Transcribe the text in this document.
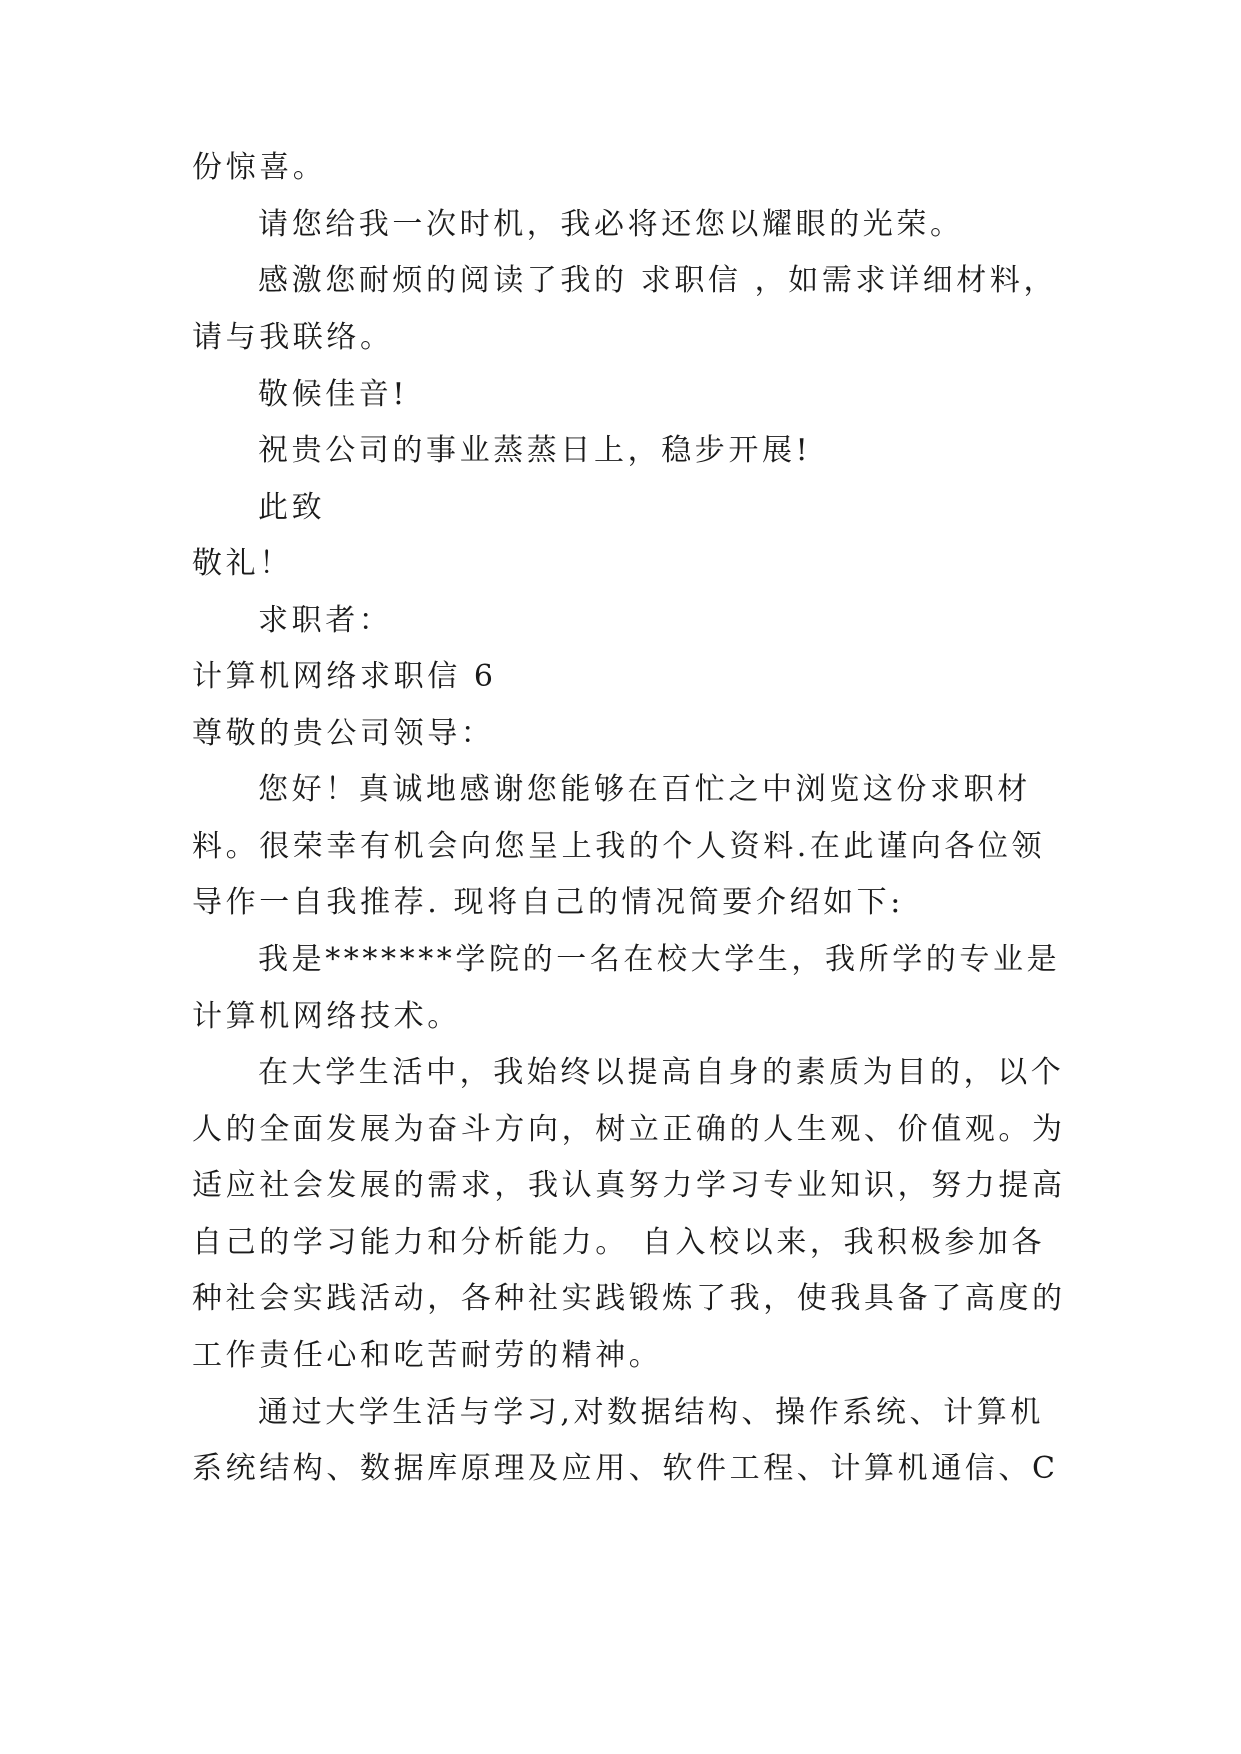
份惊喜。
请您给我一次时机，我必将还您以耀眼的光荣。
感激您耐烦的阅读了我的 求职信 ，如需求详细材料，
请与我联络。
敬候佳音!
祝贵公司的事业蒸蒸日上，稳步开展!
此致
敬礼！
求职者：
计算机网络求职信 6
尊敬的贵公司领导：
您好！真诚地感谢您能够在百忙之中浏览这份求职材
料。很荣幸有机会向您呈上我的个人资料.在此谨向各位领
导作一自我推荐. 现将自己的情况简要介绍如下:
我是*******学院的一名在校大学生，我所学的专业是
计算机网络技术。
在大学生活中，我始终以提高自身的素质为目的，以个
人的全面发展为奋斗方向，树立正确的人生观、价值观。为
适应社会发展的需求，我认真努力学习专业知识，努力提高
自己的学习能力和分析能力。 自入校以来，我积极参加各
种社会实践活动，各种社实践锻炼了我，使我具备了高度的
工作责任心和吃苦耐劳的精神。
通过大学生活与学习,对数据结构、操作系统、计算机
系统结构、数据库原理及应用、软件工程、计算机通信、C
